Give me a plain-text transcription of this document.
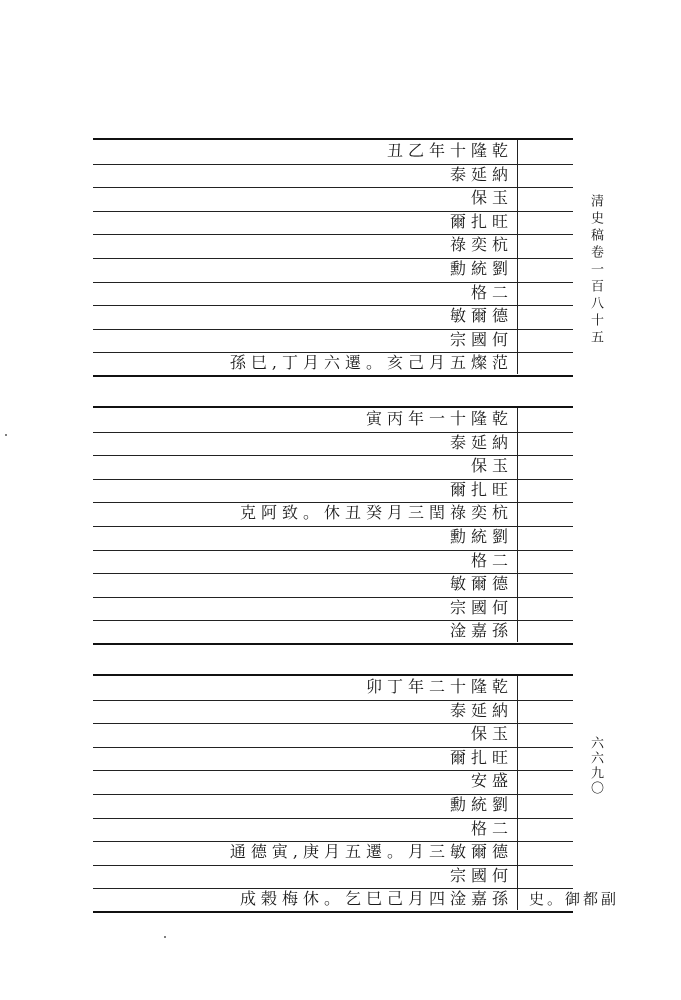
丑乙年十隆乾
泰延納
保玉
爾扎旺
祿奕杭
勳統劉
格二
敏爾德
宗國何
孫巳,丁月六遷。亥己月五燦范
寅丙年一十隆乾
泰延納
保玉
爾扎旺
克阿致。休丑癸月三閏祿奕杭
勳統劉
格二
敏爾德
宗國何
淦嘉孫
卯丁年二十隆乾
泰延納
保玉
爾扎旺
安盛
勳統劉
格二
通德寅,庚月五遷。月三敏爾德
宗國何
成榖梅休。乞巳己月四淦嘉孫 史。御都副
清史稿卷一百八十五
六六九〇
